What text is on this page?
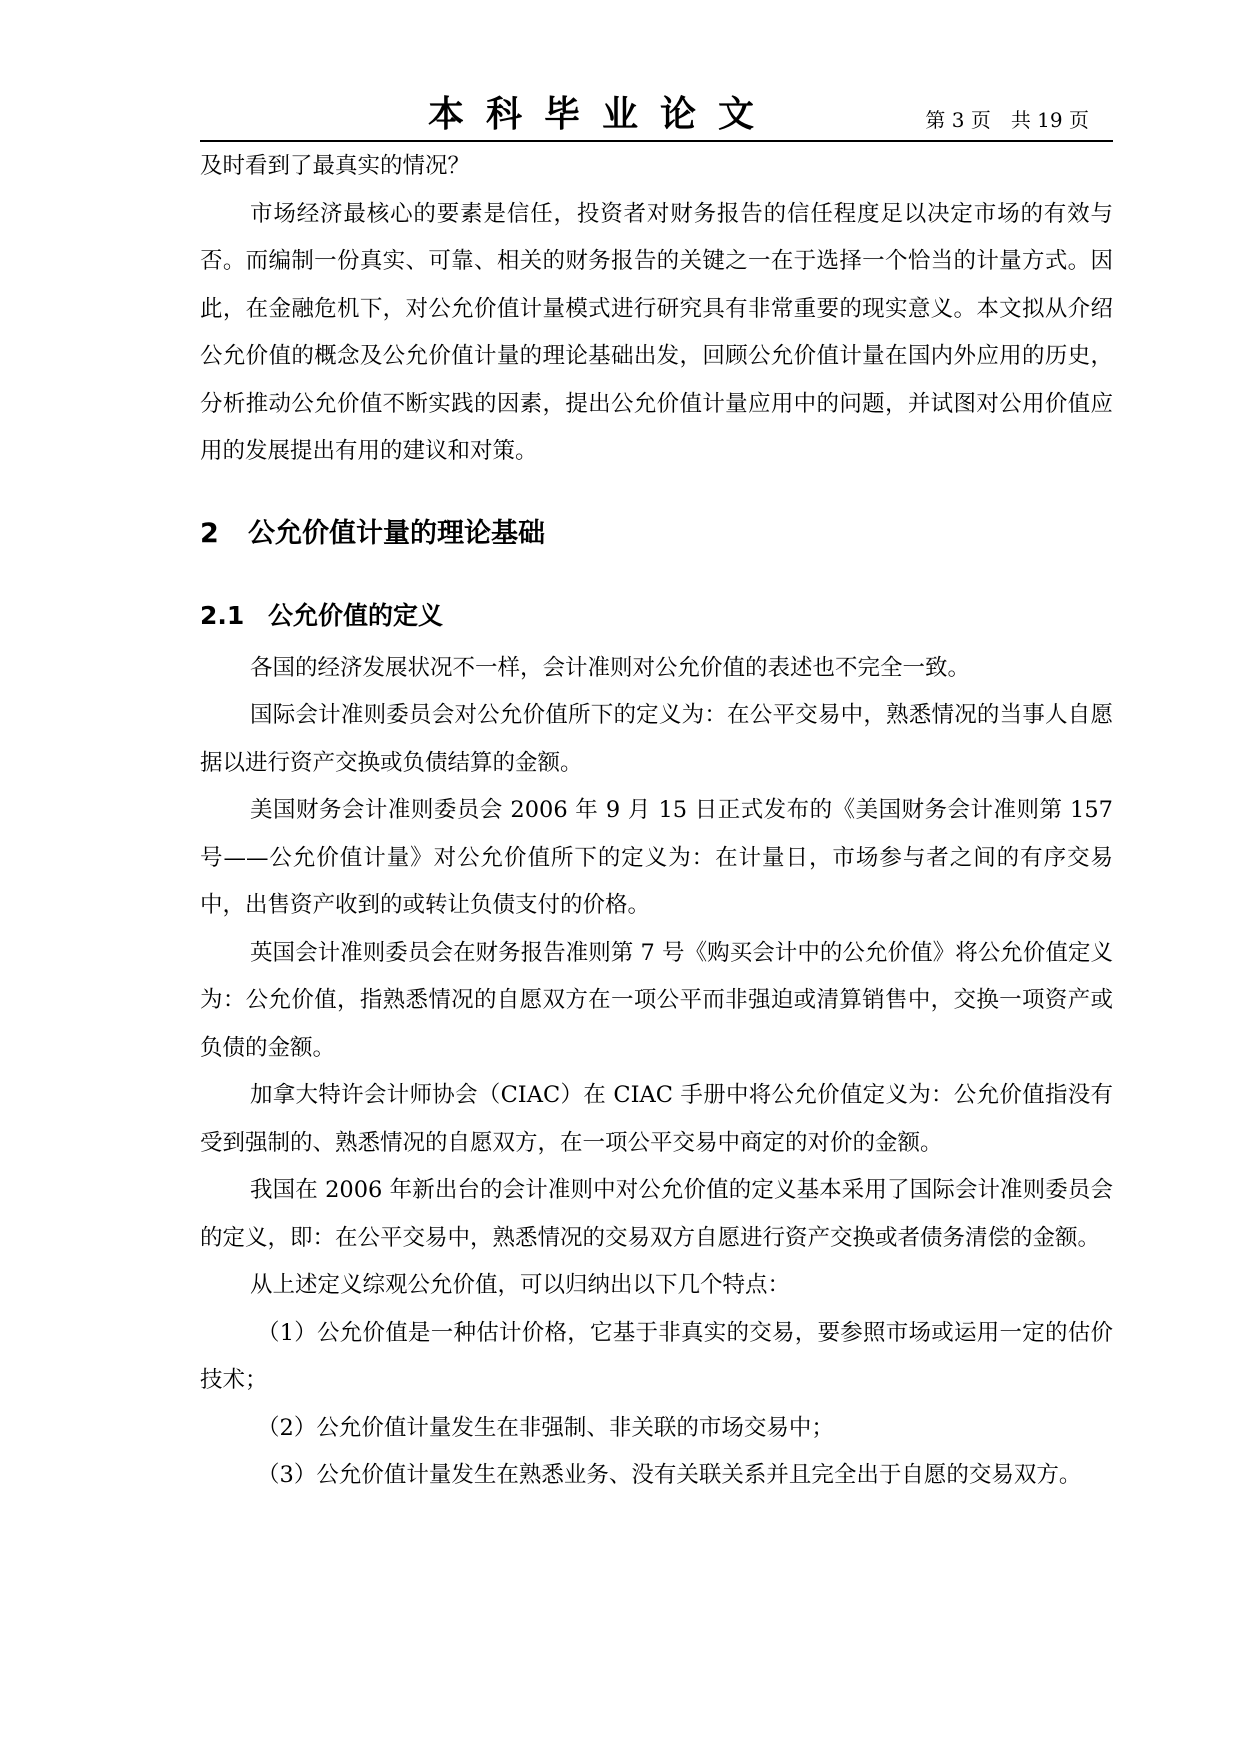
本科毕业论文	第 3 页　共 19 页

及时看到了最真实的情况？

市场经济最核心的要素是信任，投资者对财务报告的信任程度足以决定市场的有效与否。而编制一份真实、可靠、相关的财务报告的关键之一在于选择一个恰当的计量方式。因此，在金融危机下，对公允价值计量模式进行研究具有非常重要的现实意义。本文拟从介绍公允价值的概念及公允价值计量的理论基础出发，回顾公允价值计量在国内外应用的历史，分析推动公允价值不断实践的因素，提出公允价值计量应用中的问题，并试图对公用价值应用的发展提出有用的建议和对策。

2 公允价值计量的理论基础
2.1 公允价值的定义

各国的经济发展状况不一样，会计准则对公允价值的表述也不完全一致。

国际会计准则委员会对公允价值所下的定义为：在公平交易中，熟悉情况的当事人自愿据以进行资产交换或负债结算的金额。

美国财务会计准则委员会 2006 年 9 月 15 日正式发布的《美国财务会计准则第 157 号——公允价值计量》对公允价值所下的定义为：在计量日，市场参与者之间的有序交易中，出售资产收到的或转让负债支付的价格。

英国会计准则委员会在财务报告准则第 7 号《购买会计中的公允价值》将公允价值定义为：公允价值，指熟悉情况的自愿双方在一项公平而非强迫或清算销售中，交换一项资产或负债的金额。

加拿大特许会计师协会（CIAC）在 CIAC 手册中将公允价值定义为：公允价值指没有受到强制的、熟悉情况的自愿双方，在一项公平交易中商定的对价的金额。

我国在 2006 年新出台的会计准则中对公允价值的定义基本采用了国际会计准则委员会的定义，即：在公平交易中，熟悉情况的交易双方自愿进行资产交换或者债务清偿的金额。

从上述定义综观公允价值，可以归纳出以下几个特点：

（1）公允价值是一种估计价格，它基于非真实的交易，要参照市场或运用一定的估价技术；

（2）公允价值计量发生在非强制、非关联的市场交易中；

（3）公允价值计量发生在熟悉业务、没有关联关系并且完全出于自愿的交易双方。
